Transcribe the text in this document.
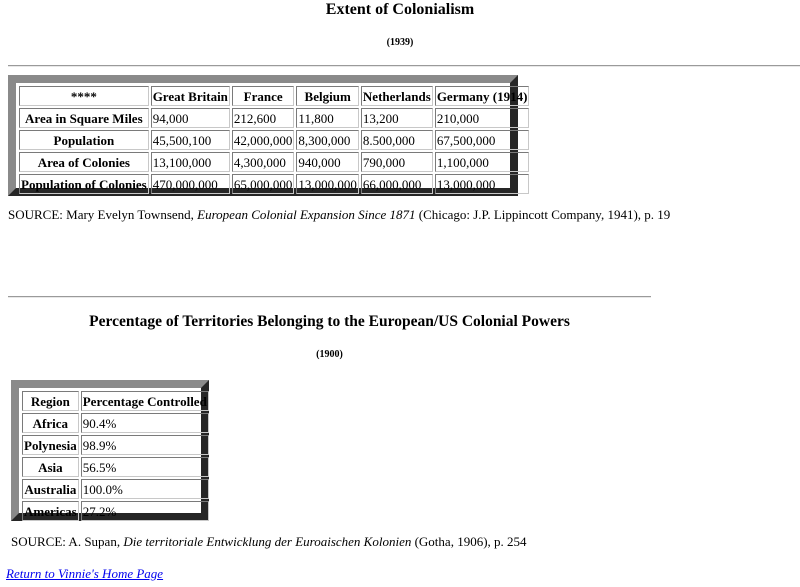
Extent of Colonialism
(1939)
****	Great Britain	France	Belgium	Netherlands	Germany (1914)
Area in Square Miles	94,000	212,600	11,800	13,200	210,000
Population	45,500,100	42,000,000	8,300,000	8.500,000	67,500,000
Area of Colonies	13,100,000	4,300,000	940,000	790,000	1,100,000
Population of Colonies	470,000,000	65,000,000	13,000,000	66,000,000	13,000,000
SOURCE: Mary Evelyn Townsend, European Colonial Expansion Since 1871 (Chicago: J.P. Lippincott Company, 1941), p. 19
Percentage of Territories Belonging to the European/US Colonial Powers
(1900)
Region	Percentage Controlled
Africa	90.4%
Polynesia	98.9%
Asia	56.5%
Australia	100.0%
Americas	27.2%
SOURCE: A. Supan, Die territoriale Entwicklung der Euroaischen Kolonien (Gotha, 1906), p. 254
Return to Vinnie's Home Page
